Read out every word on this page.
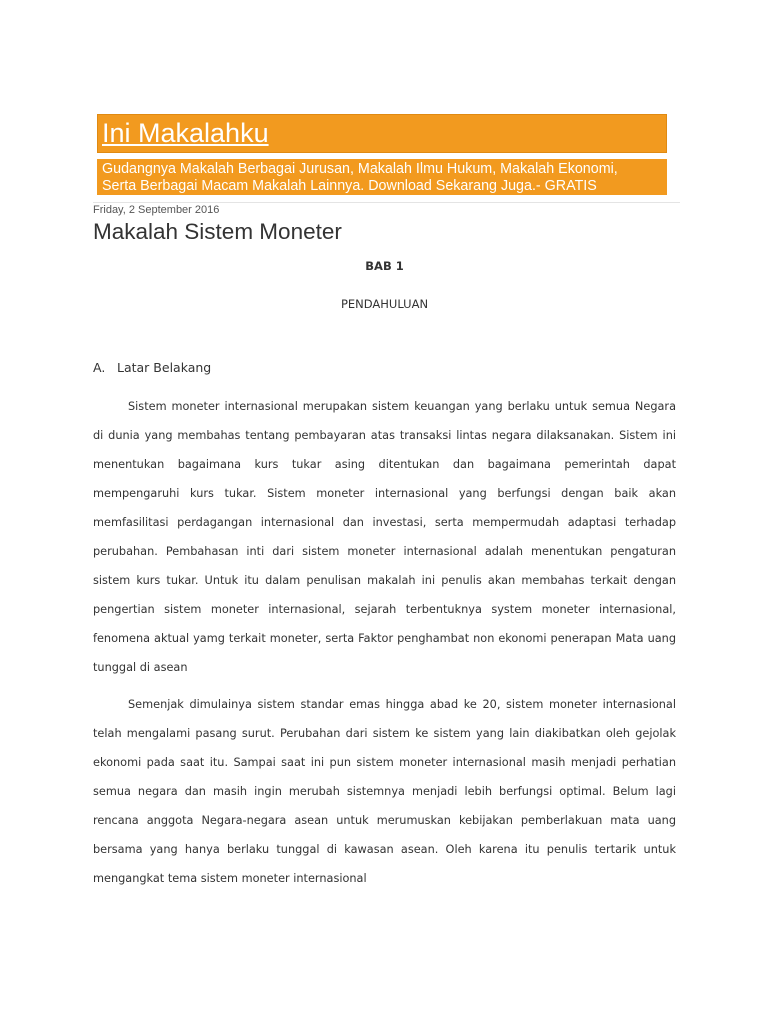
Ini Makalahku
Gudangnya Makalah Berbagai Jurusan, Makalah Ilmu Hukum, Makalah Ekonomi,
Serta Berbagai Macam Makalah Lainnya. Download Sekarang Juga.- GRATIS
Friday, 2 September 2016
Makalah Sistem Moneter
BAB 1
PENDAHULUAN
A. Latar Belakang
Sistem moneter internasional merupakan sistem keuangan yang berlaku untuk semua Negara
di dunia yang membahas tentang pembayaran atas transaksi lintas negara dilaksanakan. Sistem ini
menentukan bagaimana kurs tukar asing ditentukan dan bagaimana pemerintah dapat
mempengaruhi kurs tukar. Sistem moneter internasional yang berfungsi dengan baik akan
memfasilitasi perdagangan internasional dan investasi, serta mempermudah adaptasi terhadap
perubahan. Pembahasan inti dari sistem moneter internasional adalah menentukan pengaturan
sistem kurs tukar. Untuk itu dalam penulisan makalah ini penulis akan membahas terkait dengan
pengertian sistem moneter internasional, sejarah terbentuknya system moneter internasional,
fenomena aktual yamg terkait moneter, serta Faktor penghambat non ekonomi penerapan Mata uang
tunggal di asean
Semenjak dimulainya sistem standar emas hingga abad ke 20, sistem moneter internasional
telah mengalami pasang surut. Perubahan dari sistem ke sistem yang lain diakibatkan oleh gejolak
ekonomi pada saat itu. Sampai saat ini pun sistem moneter internasional masih menjadi perhatian
semua negara dan masih ingin merubah sistemnya menjadi lebih berfungsi optimal. Belum lagi
rencana anggota Negara-negara asean untuk merumuskan kebijakan pemberlakuan mata uang
bersama yang hanya berlaku tunggal di kawasan asean. Oleh karena itu penulis tertarik untuk
mengangkat tema sistem moneter internasional
